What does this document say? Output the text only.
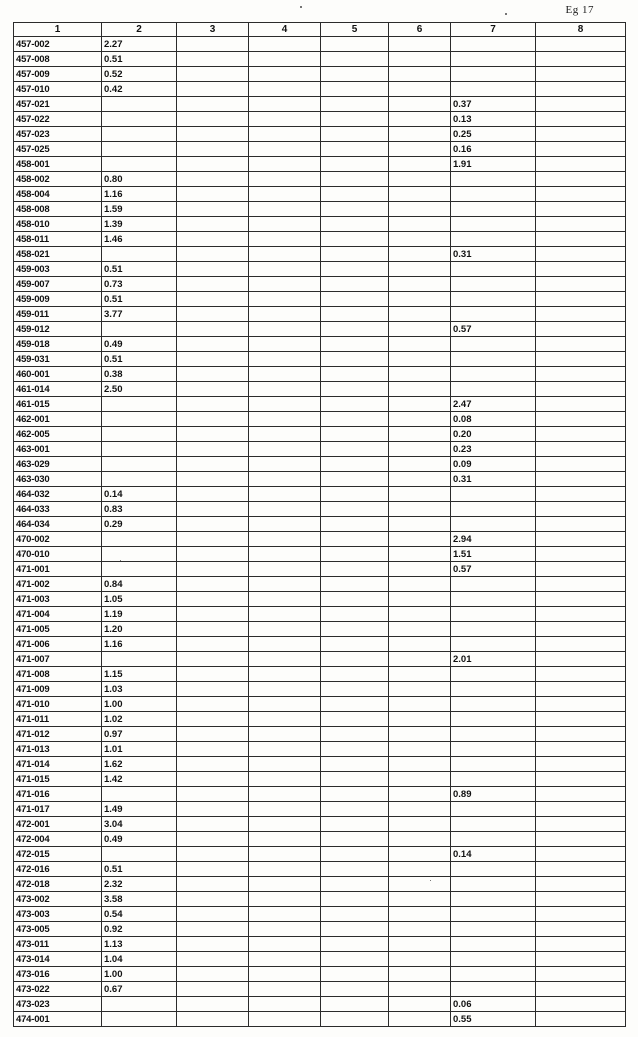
Eg 17
1	2	3	4	5	6	7	8
457-002	2.27						
457-008	0.51						
457-009	0.52						
457-010	0.42						
457-021						0.37	
457-022						0.13	
457-023						0.25	
457-025						0.16	
458-001						1.91	
458-002	0.80						
458-004	1.16						
458-008	1.59						
458-010	1.39						
458-011	1.46						
458-021						0.31	
459-003	0.51						
459-007	0.73						
459-009	0.51						
459-011	3.77						
459-012						0.57	
459-018	0.49						
459-031	0.51						
460-001	0.38						
461-014	2.50						
461-015						2.47	
462-001						0.08	
462-005						0.20	
463-001						0.23	
463-029						0.09	
463-030						0.31	
464-032	0.14						
464-033	0.83						
464-034	0.29						
470-002						2.94	
470-010						1.51	
471-001						0.57	
471-002	0.84						
471-003	1.05						
471-004	1.19						
471-005	1.20						
471-006	1.16						
471-007						2.01	
471-008	1.15						
471-009	1.03						
471-010	1.00						
471-011	1.02						
471-012	0.97						
471-013	1.01						
471-014	1.62						
471-015	1.42						
471-016						0.89	
471-017	1.49						
472-001	3.04						
472-004	0.49						
472-015						0.14	
472-016	0.51						
472-018	2.32						
473-002	3.58						
473-003	0.54						
473-005	0.92						
473-011	1.13						
473-014	1.04						
473-016	1.00						
473-022	0.67						
473-023						0.06	
474-001						0.55	
